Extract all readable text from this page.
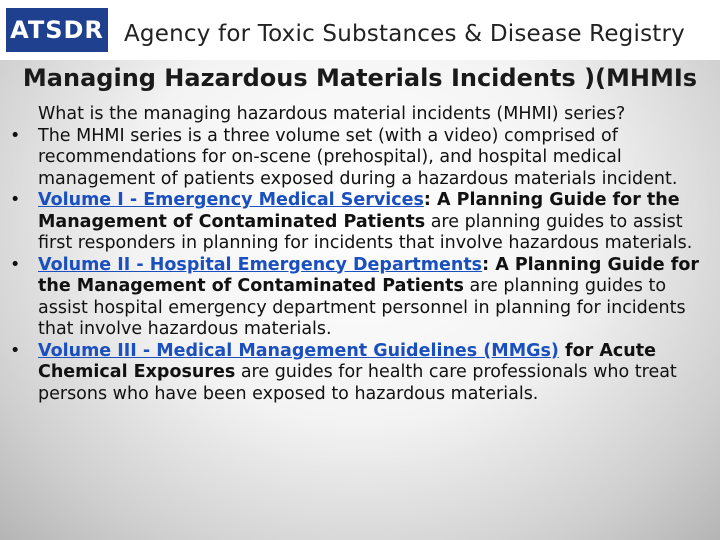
ATSDR Agency for Toxic Substances & Disease Registry
Managing Hazardous Materials Incidents )(MHMIs
What is the managing hazardous material incidents (MHMI) series?
• The MHMI series is a three volume set (with a video) comprised of recommendations for on-scene (prehospital), and hospital medical management of patients exposed during a hazardous materials incident.
• Volume I - Emergency Medical Services: A Planning Guide for the Management of Contaminated Patients are planning guides to assist first responders in planning for incidents that involve hazardous materials.
• Volume II - Hospital Emergency Departments: A Planning Guide for the Management of Contaminated Patients are planning guides to assist hospital emergency department personnel in planning for incidents that involve hazardous materials.
• Volume III - Medical Management Guidelines (MMGs) for Acute Chemical Exposures are guides for health care professionals who treat persons who have been exposed to hazardous materials.
